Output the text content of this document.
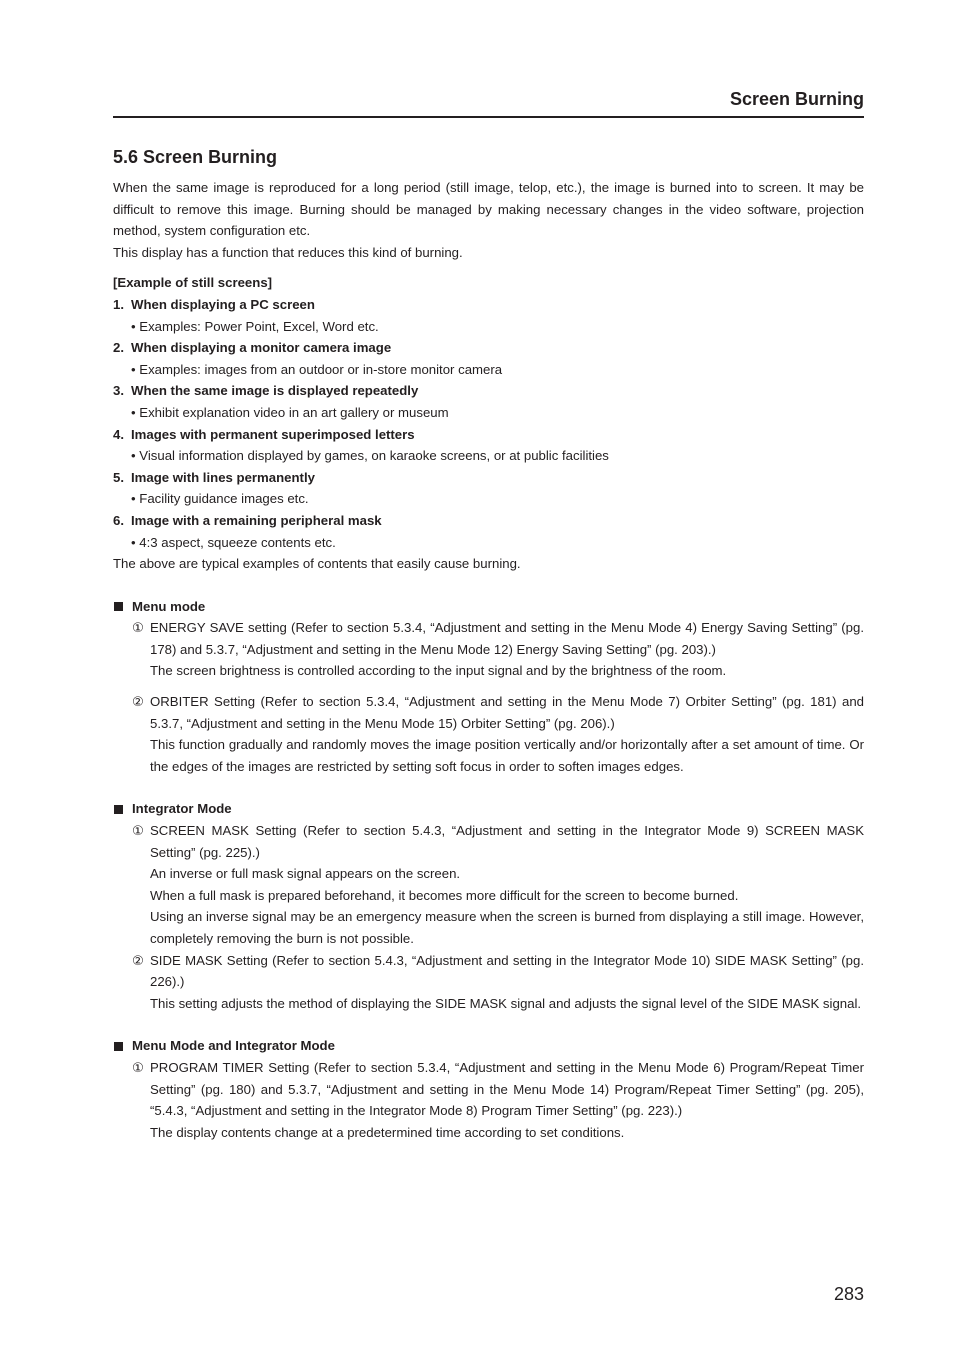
Screen Burning
5.6 Screen Burning

When the same image is reproduced for a long period (still image, telop, etc.), the image is burned into to screen. It may be difficult to remove this image. Burning should be managed by making necessary changes in the video software, projection method, system configuration etc.

This display has a function that reduces this kind of burning.

[Example of still screens]
1. When displaying a PC screen
• Examples: Power Point, Excel, Word etc.
2. When displaying a monitor camera image
• Examples: images from an outdoor or in-store monitor camera
3. When the same image is displayed repeatedly
• Exhibit explanation video in an art gallery or museum
4. Images with permanent superimposed letters
• Visual information displayed by games, on karaoke screens, or at public facilities
5. Image with lines permanently
• Facility guidance images etc.
6. Image with a remaining peripheral mask
• 4:3 aspect, squeeze contents etc.

The above are typical examples of contents that easily cause burning.

Menu mode
① ENERGY SAVE setting (Refer to section 5.3.4, “Adjustment and setting in the Menu Mode 4) Energy Saving Setting” (pg. 178) and 5.3.7, “Adjustment and setting in the Menu Mode 12) Energy Saving Setting” (pg. 203).)

The screen brightness is controlled according to the input signal and by the brightness of the room.

② ORBITER Setting (Refer to section 5.3.4, “Adjustment and setting in the Menu Mode 7) Orbiter Setting” (pg. 181) and 5.3.7, “Adjustment and setting in the Menu Mode 15) Orbiter Setting” (pg. 206).)

This function gradually and randomly moves the image position vertically and/or horizontally after a set amount of time. Or the edges of the images are restricted by setting soft focus in order to soften images edges.

Integrator Mode
① SCREEN MASK Setting (Refer to section 5.4.3, “Adjustment and setting in the Integrator Mode 9) SCREEN MASK Setting” (pg. 225).)

An inverse or full mask signal appears on the screen.

When a full mask is prepared beforehand, it becomes more difficult for the screen to become burned.

Using an inverse signal may be an emergency measure when the screen is burned from displaying a still image. However, completely removing the burn is not possible.

② SIDE MASK Setting (Refer to section 5.4.3, “Adjustment and setting in the Integrator Mode 10) SIDE MASK Setting” (pg. 226).)

This setting adjusts the method of displaying the SIDE MASK signal and adjusts the signal level of the SIDE MASK signal.

Menu Mode and Integrator Mode
① PROGRAM TIMER Setting (Refer to section 5.3.4, “Adjustment and setting in the Menu Mode 6) Program/Repeat Timer Setting” (pg. 180) and 5.3.7, “Adjustment and setting in the Menu Mode 14) Program/Repeat Timer Setting” (pg. 205), “5.4.3, “Adjustment and setting in the Integrator Mode 8) Program Timer Setting” (pg. 223).)

The display contents change at a predetermined time according to set conditions.

283
